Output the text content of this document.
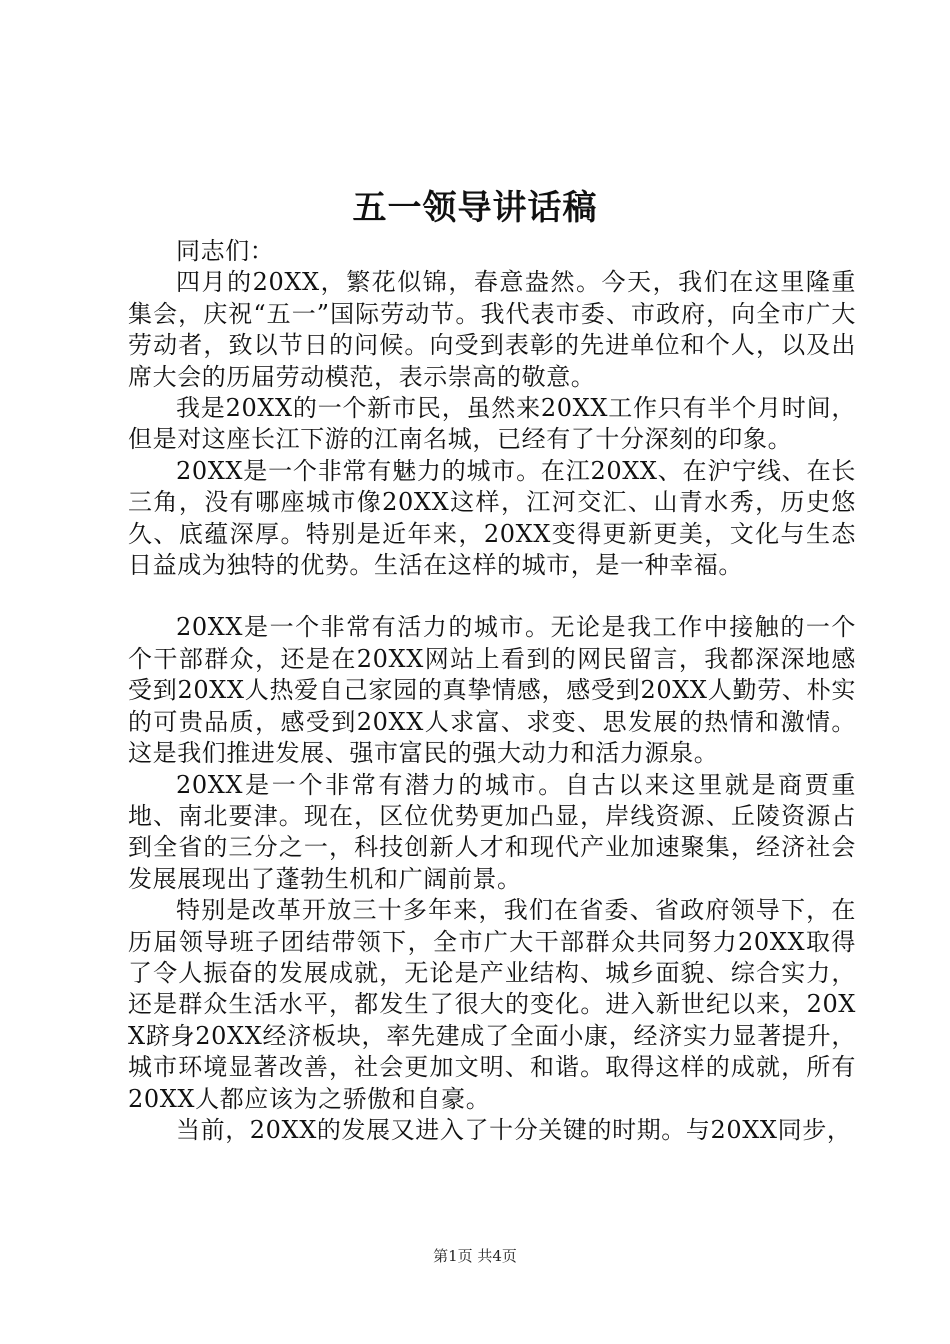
五一领导讲话稿

同志们：

四月的20XX，繁花似锦，春意盎然。今天，我们在这里隆重集会，庆祝“五一”国际劳动节。我代表市委、市政府，向全市广大劳动者，致以节日的问候。向受到表彰的先进单位和个人，以及出席大会的历届劳动模范，表示崇高的敬意。

我是20XX的一个新市民，虽然来20XX工作只有半个月时间，但是对这座长江下游的江南名城，已经有了十分深刻的印象。

20XX是一个非常有魅力的城市。在江20XX、在沪宁线、在长三角，没有哪座城市像20XX这样，江河交汇、山青水秀，历史悠久、底蕴深厚。特别是近年来，20XX变得更新更美，文化与生态日益成为独特的优势。生活在这样的城市，是一种幸福。

20XX是一个非常有活力的城市。无论是我工作中接触的一个个干部群众，还是在20XX网站上看到的网民留言，我都深深地感受到20XX人热爱自己家园的真挚情感，感受到20XX人勤劳、朴实的可贵品质，感受到20XX人求富、求变、思发展的热情和激情。这是我们推进发展、强市富民的强大动力和活力源泉。

20XX是一个非常有潜力的城市。自古以来这里就是商贾重地、南北要津。现在，区位优势更加凸显，岸线资源、丘陵资源占到全省的三分之一，科技创新人才和现代产业加速聚集，经济社会发展展现出了蓬勃生机和广阔前景。

特别是改革开放三十多年来，我们在省委、省政府领导下，在历届领导班子团结带领下，全市广大干部群众共同努力20XX取得了令人振奋的发展成就，无论是产业结构、城乡面貌、综合实力，还是群众生活水平，都发生了很大的变化。进入新世纪以来，20XX跻身20XX经济板块，率先建成了全面小康，经济实力显著提升，城市环境显著改善，社会更加文明、和谐。取得这样的成就，所有20XX人都应该为之骄傲和自豪。

当前，20XX的发展又进入了十分关键的时期。与20XX同步，

第1页 共4页
